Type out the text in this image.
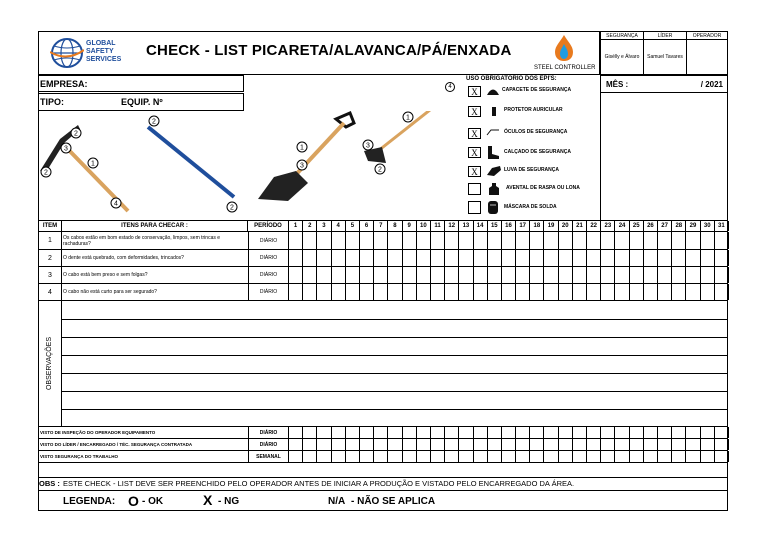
GLOBAL
SAFETY
SERVICES
CHECK - LIST PICARETA/ALAVANCA/PÁ/ENXADA
STEEL CONTROLLER
SEGURANÇA	LÍDER	OPERADOR
Gisélly e Álvaro	Samuel Tavares	
EMPRESA:
TIPO:	EQUIP. Nº
MÊS :	/ 2021
2
3
1
2
4
2
2
1
3
1
3
2
4
USO OBRIGATÓRIO DOS EPI'S:
X	CAPACETE DE SEGURANÇA
X	PROTETOR AURICULAR
X	ÓCULOS DE SEGURANÇA
X	CALÇADO DE SEGURANÇA
X	LUVA DE SEGURANÇA
AVENTAL DE RASPA OU LONA
MÁSCARA DE SOLDA
ITEM	ITENS PARA CHECAR :	PERÍODO	1	2	3	4	5	6	7	8	9	10	11	12	13	14	15	16	17	18	19	20	21	22	23	24	25	26	27	28	29	30	31
1	Os cabos estão em bom estado de conservação, limpos, sem trincas e rachaduras?	DIÁRIO
2	O dente está quebrado, com deformidades, trincados?	DIÁRIO
3	O cabo está bem preso e sem folgas?	DIÁRIO
4	O cabo não está curto para ser segurado?	DIÁRIO
OBSERVAÇÕES
VISTO DE INSPEÇÃO DO OPERADOR EQUIPAMENTO	DIÁRIO
VISTO DO LÍDER / ENCARREGADO / TÉC. SEGURANÇA CONTRATADA	DIÁRIO
VISTO SEGURANÇA DO TRABALHO	SEMANAL
OBS : ESTE CHECK - LIST DEVE SER PREENCHIDO PELO OPERADOR ANTES DE INICIAR A PRODUÇÃO E VISTADO PELO ENCARREGADO DA ÁREA.
LEGENDA: O - OK	X - NG	N/A - NÃO SE APLICA
